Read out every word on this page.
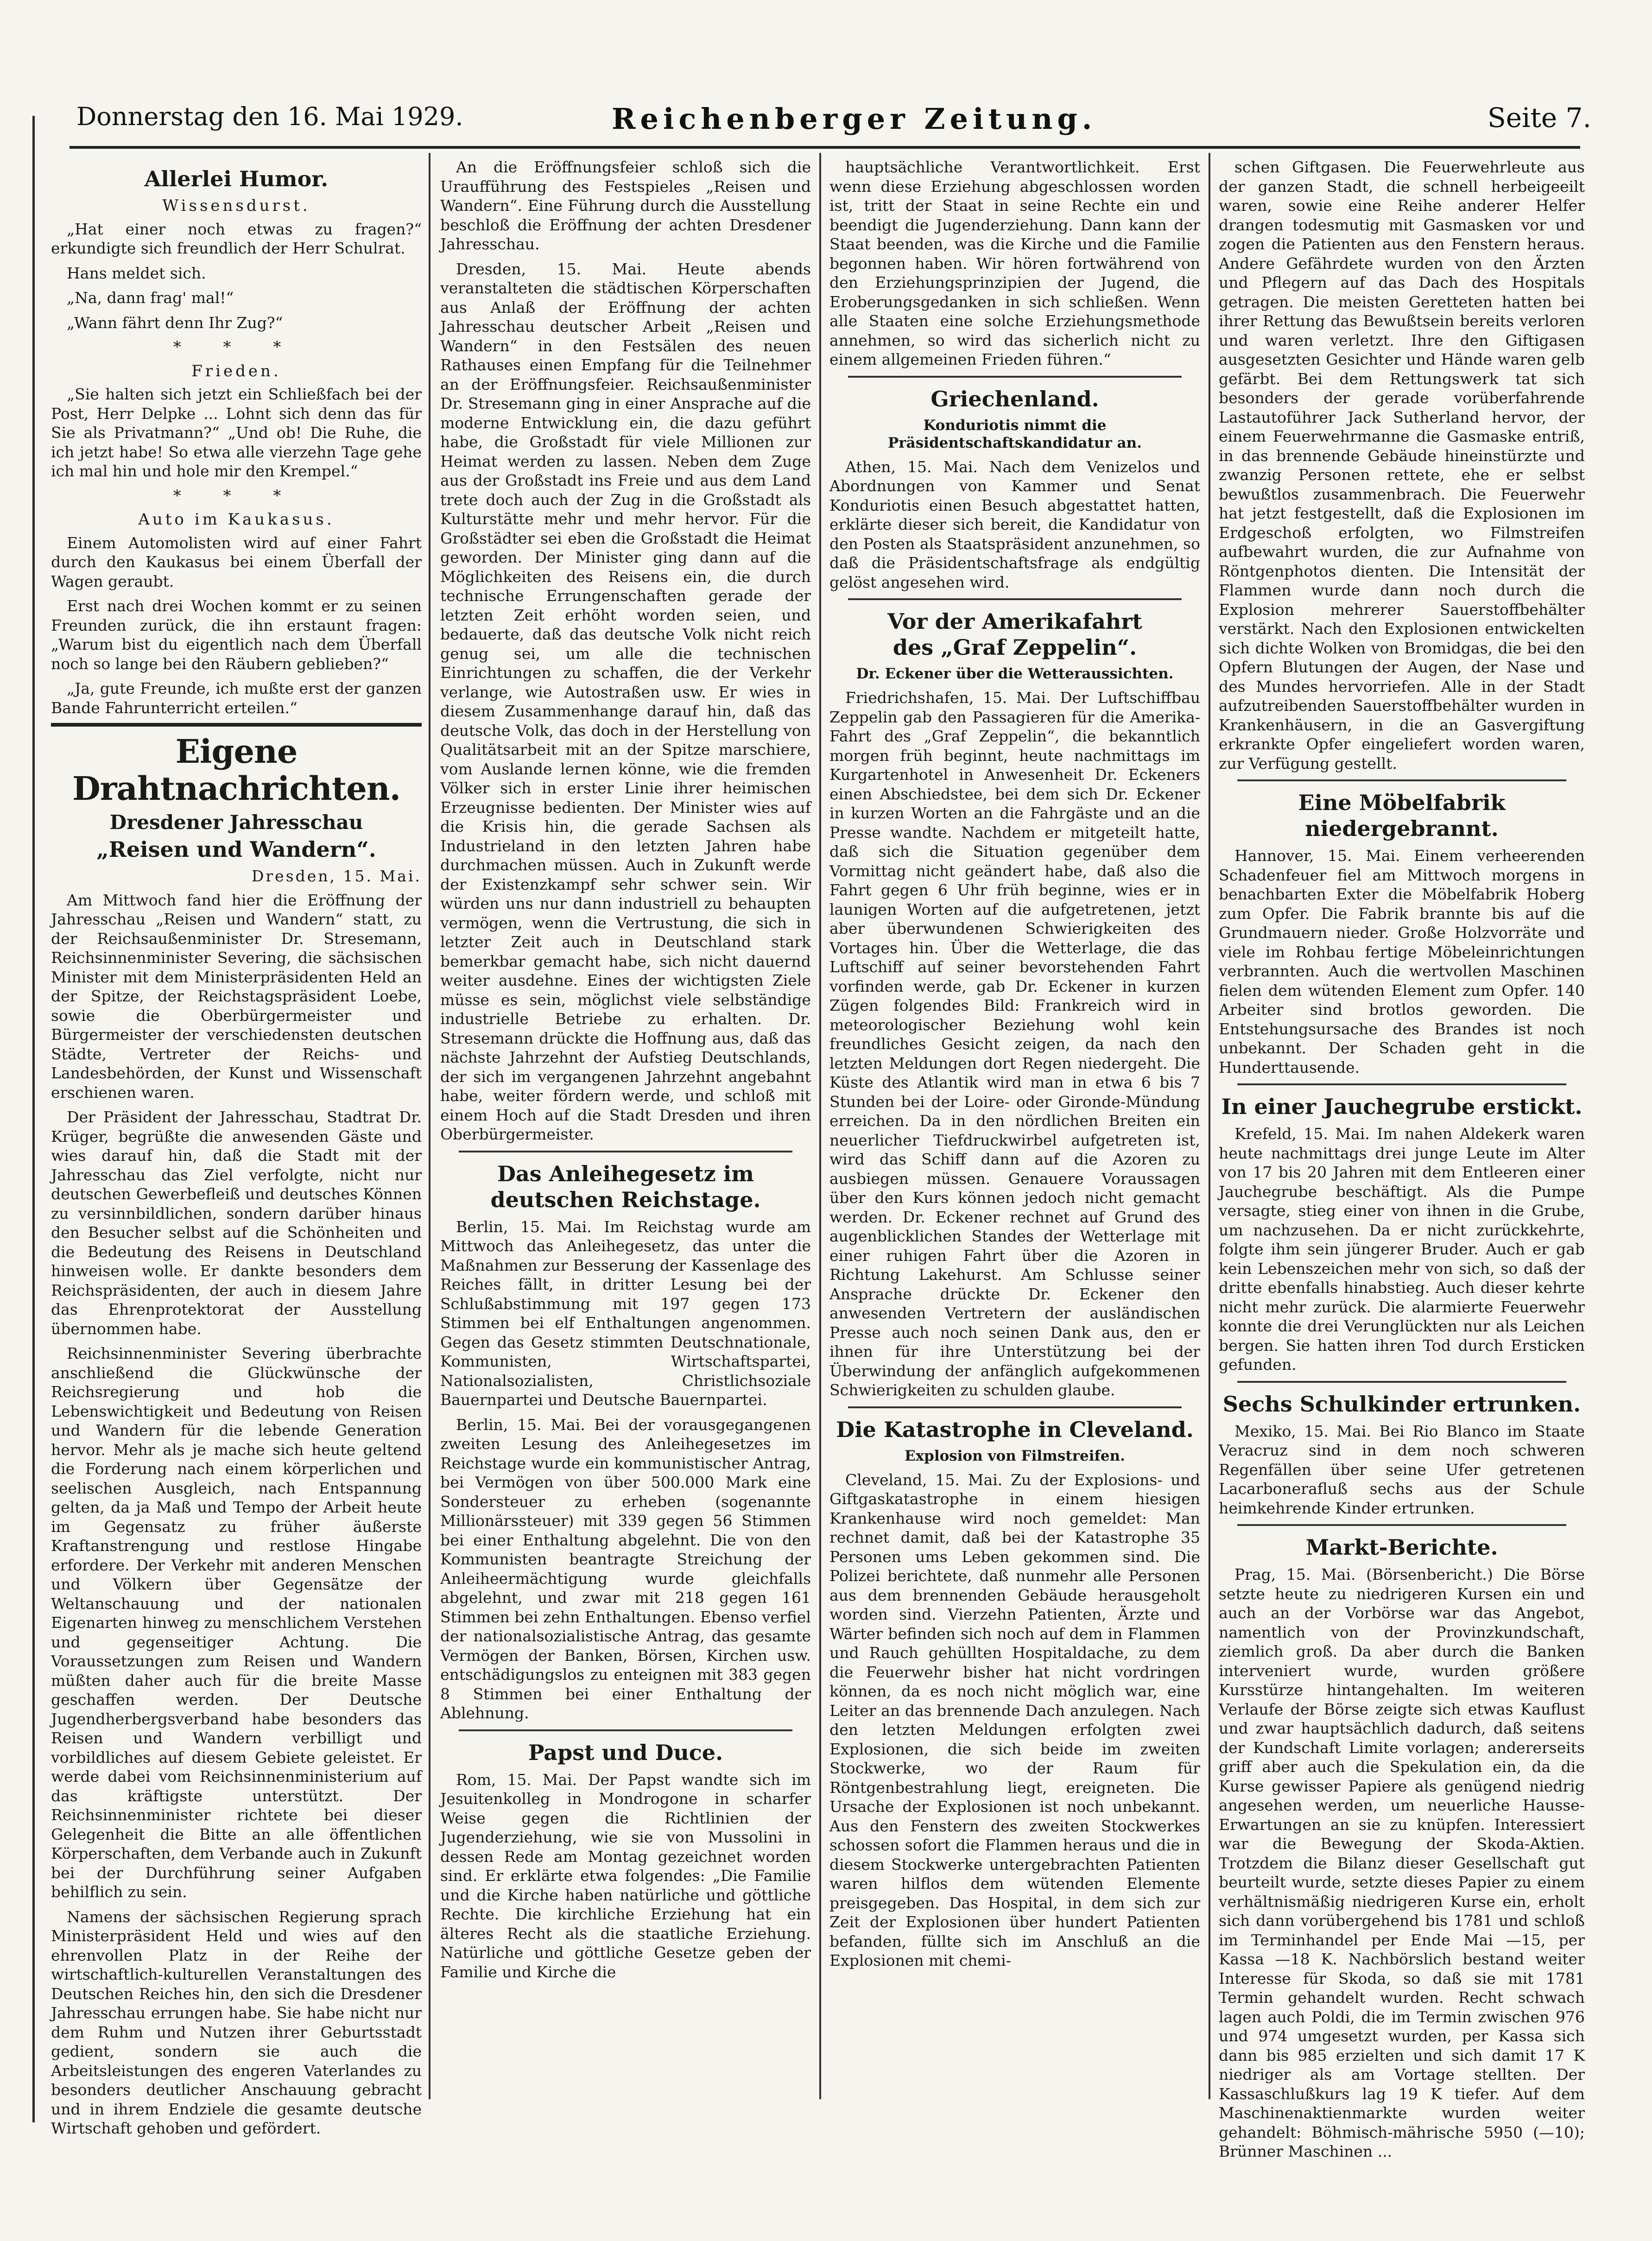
Donnerstag den 16. Mai 1929.	Reichenberger Zeitung.	Seite 7.
Allerlei Humor.
Wissensdurst.

„Hat einer noch etwas zu fragen?“ erkundigte sich freundlich der Herr Schulrat.

Hans meldet sich.

„Na, dann frag' mal!“

„Wann fährt denn Ihr Zug?“

* * *
Frieden.

„Sie halten sich jetzt ein Schließfach bei der Post, Herr Delpke ... Lohnt sich denn das für Sie als Privatmann?“ „Und ob! Die Ruhe, die ich jetzt habe! So etwa alle vierzehn Tage gehe ich mal hin und hole mir den Krempel.“

* * *
Auto im Kaukasus.

Einem Automolisten wird auf einer Fahrt durch den Kaukasus bei einem Überfall der Wagen geraubt.

Erst nach drei Wochen kommt er zu seinen Freunden zurück, die ihn erstaunt fragen: „Warum bist du eigentlich nach dem Überfall noch so lange bei den Räubern geblieben?“

„Ja, gute Freunde, ich mußte erst der ganzen Bande Fahrunterricht erteilen.“

Eigene Drahtnachrichten.
Dresdener Jahresschau
„Reisen und Wandern“.
Dresden, 15. Mai.

Am Mittwoch fand hier die Eröffnung der Jahresschau „Reisen und Wandern“ statt, zu der Reichsaußenminister Dr. Stresemann, Reichsinnenminister Severing, die sächsischen Minister mit dem Ministerpräsidenten Held an der Spitze, der Reichstagspräsident Loebe, sowie die Oberbürgermeister und Bürgermeister der verschiedensten deutschen Städte, Vertreter der Reichs- und Landesbehörden, der Kunst und Wissenschaft erschienen waren.

Der Präsident der Jahresschau, Stadtrat Dr. Krüger, begrüßte die anwesenden Gäste und wies darauf hin, daß die Stadt mit der Jahresschau das Ziel verfolgte, nicht nur deutschen Gewerbefleiß und deutsches Können zu versinnbildlichen, sondern darüber hinaus den Besucher selbst auf die Schönheiten und die Bedeutung des Reisens in Deutschland hinweisen wolle. Er dankte besonders dem Reichspräsidenten, der auch in diesem Jahre das Ehrenprotektorat der Ausstellung übernommen habe.

Reichsinnenminister Severing überbrachte anschließend die Glückwünsche der Reichsregierung und hob die Lebenswichtigkeit und Bedeutung von Reisen und Wandern für die lebende Generation hervor. Mehr als je mache sich heute geltend die Forderung nach einem körperlichen und seelischen Ausgleich, nach Entspannung gelten, da ja Maß und Tempo der Arbeit heute im Gegensatz zu früher äußerste Kraftanstrengung und restlose Hingabe erfordere. Der Verkehr mit anderen Menschen und Völkern über Gegensätze der Weltanschauung und der nationalen Eigenarten hinweg zu menschlichem Verstehen und gegenseitiger Achtung. Die Voraussetzungen zum Reisen und Wandern müßten daher auch für die breite Masse geschaffen werden. Der Deutsche Jugendherbergsverband habe besonders das Reisen und Wandern verbilligt und vorbildliches auf diesem Gebiete geleistet. Er werde dabei vom Reichsinnenministerium auf das kräftigste unterstützt. Der Reichsinnenminister richtete bei dieser Gelegenheit die Bitte an alle öffentlichen Körperschaften, dem Verbande auch in Zukunft bei der Durchführung seiner Aufgaben behilflich zu sein.

Namens der sächsischen Regierung sprach Ministerpräsident Held und wies auf den ehrenvollen Platz in der Reihe der wirtschaftlich-kulturellen Veranstaltungen des Deutschen Reiches hin, den sich die Dresdener Jahresschau errungen habe. Sie habe nicht nur dem Ruhm und Nutzen ihrer Geburtsstadt gedient, sondern sie auch die Arbeitsleistungen des engeren Vaterlandes zu besonders deutlicher Anschauung gebracht und in ihrem Endziele die gesamte deutsche Wirtschaft gehoben und gefördert.

An die Eröffnungsfeier schloß sich die Uraufführung des Festspieles „Reisen und Wandern“. Eine Führung durch die Ausstellung beschloß die Eröffnung der achten Dresdener Jahresschau.

Dresden, 15. Mai. Heute abends veranstalteten die städtischen Körperschaften aus Anlaß der Eröffnung der achten Jahresschau deutscher Arbeit „Reisen und Wandern“ in den Festsälen des neuen Rathauses einen Empfang für die Teilnehmer an der Eröffnungsfeier. Reichsaußenminister Dr. Stresemann ging in einer Ansprache auf die moderne Entwicklung ein, die dazu geführt habe, die Großstadt für viele Millionen zur Heimat werden zu lassen. Neben dem Zuge aus der Großstadt ins Freie und aus dem Land trete doch auch der Zug in die Großstadt als Kulturstätte mehr und mehr hervor. Für die Großstädter sei eben die Großstadt die Heimat geworden. Der Minister ging dann auf die Möglichkeiten des Reisens ein, die durch technische Errungenschaften gerade der letzten Zeit erhöht worden seien, und bedauerte, daß das deutsche Volk nicht reich genug sei, um alle die technischen Einrichtungen zu schaffen, die der Verkehr verlange, wie Autostraßen usw. Er wies in diesem Zusammenhange darauf hin, daß das deutsche Volk, das doch in der Herstellung von Qualitätsarbeit mit an der Spitze marschiere, vom Auslande lernen könne, wie die fremden Völker sich in erster Linie ihrer heimischen Erzeugnisse bedienten. Der Minister wies auf die Krisis hin, die gerade Sachsen als Industrieland in den letzten Jahren habe durchmachen müssen. Auch in Zukunft werde der Existenzkampf sehr schwer sein. Wir würden uns nur dann industriell zu behaupten vermögen, wenn die Vertrustung, die sich in letzter Zeit auch in Deutschland stark bemerkbar gemacht habe, sich nicht dauernd weiter ausdehne. Eines der wichtigsten Ziele müsse es sein, möglichst viele selbständige industrielle Betriebe zu erhalten. Dr. Stresemann drückte die Hoffnung aus, daß das nächste Jahrzehnt der Aufstieg Deutschlands, der sich im vergangenen Jahrzehnt angebahnt habe, weiter fördern werde, und schloß mit einem Hoch auf die Stadt Dresden und ihren Oberbürgermeister.

Das Anleihegesetz im deutschen Reichstage.

Berlin, 15. Mai. Im Reichstag wurde am Mittwoch das Anleihegesetz, das unter die Maßnahmen zur Besserung der Kassenlage des Reiches fällt, in dritter Lesung bei der Schlußabstimmung mit 197 gegen 173 Stimmen bei elf Enthaltungen angenommen. Gegen das Gesetz stimmten Deutschnationale, Kommunisten, Wirtschaftspartei, Nationalsozialisten, Christlichsoziale Bauernpartei und Deutsche Bauernpartei.

Berlin, 15. Mai. Bei der vorausgegangenen zweiten Lesung des Anleihegesetzes im Reichstage wurde ein kommunistischer Antrag, bei Vermögen von über 500.000 Mark eine Sondersteuer zu erheben (sogenannte Millionärssteuer) mit 339 gegen 56 Stimmen bei einer Enthaltung abgelehnt. Die von den Kommunisten beantragte Streichung der Anleiheermächtigung wurde gleichfalls abgelehnt, und zwar mit 218 gegen 161 Stimmen bei zehn Enthaltungen. Ebenso verfiel der nationalsozialistische Antrag, das gesamte Vermögen der Banken, Börsen, Kirchen usw. entschädigungslos zu enteignen mit 383 gegen 8 Stimmen bei einer Enthaltung der Ablehnung.

Papst und Duce.

Rom, 15. Mai. Der Papst wandte sich im Jesuitenkolleg in Mondrogone in scharfer Weise gegen die Richtlinien der Jugenderziehung, wie sie von Mussolini in dessen Rede am Montag gezeichnet worden sind. Er erklärte etwa folgendes: „Die Familie und die Kirche haben natürliche und göttliche Rechte. Die kirchliche Erziehung hat ein älteres Recht als die staatliche Erziehung. Natürliche und göttliche Gesetze geben der Familie und Kirche die

hauptsächliche Verantwortlichkeit. Erst wenn diese Erziehung abgeschlossen worden ist, tritt der Staat in seine Rechte ein und beendigt die Jugenderziehung. Dann kann der Staat beenden, was die Kirche und die Familie begonnen haben. Wir hören fortwährend von den Erziehungsprinzipien der Jugend, die Eroberungsgedanken in sich schließen. Wenn alle Staaten eine solche Erziehungsmethode annehmen, so wird das sicherlich nicht zu einem allgemeinen Frieden führen.“

Griechenland.
Konduriotis nimmt die Präsidentschaftskandidatur an.

Athen, 15. Mai. Nach dem Venizelos und Abordnungen von Kammer und Senat Konduriotis einen Besuch abgestattet hatten, erklärte dieser sich bereit, die Kandidatur von den Posten als Staatspräsident anzunehmen, so daß die Präsidentschaftsfrage als endgültig gelöst angesehen wird.

Vor der Amerikafahrt
des „Graf Zeppelin“.
Dr. Eckener über die Wetteraussichten.

Friedrichshafen, 15. Mai. Der Luftschiffbau Zeppelin gab den Passagieren für die Amerika-Fahrt des „Graf Zeppelin“, die bekanntlich morgen früh beginnt, heute nachmittags im Kurgartenhotel in Anwesenheit Dr. Eckeners einen Abschiedstee, bei dem sich Dr. Eckener in kurzen Worten an die Fahrgäste und an die Presse wandte. Nachdem er mitgeteilt hatte, daß sich die Situation gegenüber dem Vormittag nicht geändert habe, daß also die Fahrt gegen 6 Uhr früh beginne, wies er in launigen Worten auf die aufgetretenen, jetzt aber überwundenen Schwierigkeiten des Vortages hin. Über die Wetterlage, die das Luftschiff auf seiner bevorstehenden Fahrt vorfinden werde, gab Dr. Eckener in kurzen Zügen folgendes Bild: Frankreich wird in meteorologischer Beziehung wohl kein freundliches Gesicht zeigen, da nach den letzten Meldungen dort Regen niedergeht. Die Küste des Atlantik wird man in etwa 6 bis 7 Stunden bei der Loire- oder Gironde-Mündung erreichen. Da in den nördlichen Breiten ein neuerlicher Tiefdruckwirbel aufgetreten ist, wird das Schiff dann auf die Azoren zu ausbiegen müssen. Genauere Voraussagen über den Kurs können jedoch nicht gemacht werden. Dr. Eckener rechnet auf Grund des augenblicklichen Standes der Wetterlage mit einer ruhigen Fahrt über die Azoren in Richtung Lakehurst. Am Schlusse seiner Ansprache drückte Dr. Eckener den anwesenden Vertretern der ausländischen Presse auch noch seinen Dank aus, den er ihnen für ihre Unterstützung bei der Überwindung der anfänglich aufgekommenen Schwierigkeiten zu schulden glaube.

Die Katastrophe in Cleveland.
Explosion von Filmstreifen.

Cleveland, 15. Mai. Zu der Explosions- und Giftgaskatastrophe in einem hiesigen Krankenhause wird noch gemeldet: Man rechnet damit, daß bei der Katastrophe 35 Personen ums Leben gekommen sind. Die Polizei berichtete, daß nunmehr alle Personen aus dem brennenden Gebäude herausgeholt worden sind. Vierzehn Patienten, Ärzte und Wärter befinden sich noch auf dem in Flammen und Rauch gehüllten Hospitaldache, zu dem die Feuerwehr bisher hat nicht vordringen können, da es noch nicht möglich war, eine Leiter an das brennende Dach anzulegen. Nach den letzten Meldungen erfolgten zwei Explosionen, die sich beide im zweiten Stockwerke, wo der Raum für Röntgenbestrahlung liegt, ereigneten. Die Ursache der Explosionen ist noch unbekannt. Aus den Fenstern des zweiten Stockwerkes schossen sofort die Flammen heraus und die in diesem Stockwerke untergebrachten Patienten waren hilflos dem wütenden Elemente preisgegeben. Das Hospital, in dem sich zur Zeit der Explosionen über hundert Patienten befanden, füllte sich im Anschluß an die Explosionen mit chemi-

schen Giftgasen. Die Feuerwehrleute aus der ganzen Stadt, die schnell herbeigeeilt waren, sowie eine Reihe anderer Helfer drangen todesmutig mit Gasmasken vor und zogen die Patienten aus den Fenstern heraus. Andere Gefährdete wurden von den Ärzten und Pflegern auf das Dach des Hospitals getragen. Die meisten Geretteten hatten bei ihrer Rettung das Bewußtsein bereits verloren und waren verletzt. Ihre den Giftigasen ausgesetzten Gesichter und Hände waren gelb gefärbt. Bei dem Rettungswerk tat sich besonders der gerade vorüberfahrende Lastautoführer Jack Sutherland hervor, der einem Feuerwehrmanne die Gasmaske entriß, in das brennende Gebäude hineinstürzte und zwanzig Personen rettete, ehe er selbst bewußtlos zusammenbrach. Die Feuerwehr hat jetzt festgestellt, daß die Explosionen im Erdgeschoß erfolgten, wo Filmstreifen aufbewahrt wurden, die zur Aufnahme von Röntgenphotos dienten. Die Intensität der Flammen wurde dann noch durch die Explosion mehrerer Sauerstoffbehälter verstärkt. Nach den Explosionen entwickelten sich dichte Wolken von Bromidgas, die bei den Opfern Blutungen der Augen, der Nase und des Mundes hervorriefen. Alle in der Stadt aufzutreibenden Sauerstoffbehälter wurden in Krankenhäusern, in die an Gasvergiftung erkrankte Opfer eingeliefert worden waren, zur Verfügung gestellt.

Eine Möbelfabrik niedergebrannt.

Hannover, 15. Mai. Einem verheerenden Schadenfeuer fiel am Mittwoch morgens in benachbarten Exter die Möbelfabrik Hoberg zum Opfer. Die Fabrik brannte bis auf die Grundmauern nieder. Große Holzvorräte und viele im Rohbau fertige Möbeleinrichtungen verbrannten. Auch die wertvollen Maschinen fielen dem wütenden Element zum Opfer. 140 Arbeiter sind brotlos geworden. Die Entstehungsursache des Brandes ist noch unbekannt. Der Schaden geht in die Hunderttausende.

In einer Jauchegrube erstickt.

Krefeld, 15. Mai. Im nahen Aldekerk waren heute nachmittags drei junge Leute im Alter von 17 bis 20 Jahren mit dem Entleeren einer Jauchegrube beschäftigt. Als die Pumpe versagte, stieg einer von ihnen in die Grube, um nachzusehen. Da er nicht zurückkehrte, folgte ihm sein jüngerer Bruder. Auch er gab kein Lebenszeichen mehr von sich, so daß der dritte ebenfalls hinabstieg. Auch dieser kehrte nicht mehr zurück. Die alarmierte Feuerwehr konnte die drei Verunglückten nur als Leichen bergen. Sie hatten ihren Tod durch Ersticken gefunden.

Sechs Schulkinder ertrunken.

Mexiko, 15. Mai. Bei Rio Blanco im Staate Veracruz sind in dem noch schweren Regenfällen über seine Ufer getretenen Lacarbonerafluß sechs aus der Schule heimkehrende Kinder ertrunken.

Markt-Berichte.

Prag, 15. Mai. (Börsenbericht.) Die Börse setzte heute zu niedrigeren Kursen ein und auch an der Vorbörse war das Angebot, namentlich von der Provinzkundschaft, ziemlich groß. Da aber durch die Banken interveniert wurde, wurden größere Kursstürze hintangehalten. Im weiteren Verlaufe der Börse zeigte sich etwas Kauflust und zwar hauptsächlich dadurch, daß seitens der Kundschaft Limite vorlagen; andererseits griff aber auch die Spekulation ein, da die Kurse gewisser Papiere als genügend niedrig angesehen werden, um neuerliche Hausse-Erwartungen an sie zu knüpfen. Interessiert war die Bewegung der Skoda-Aktien. Trotzdem die Bilanz dieser Gesellschaft gut beurteilt wurde, setzte dieses Papier zu einem verhältnismäßig niedrigeren Kurse ein, erholt sich dann vorübergehend bis 1781 und schloß im Terminhandel per Ende Mai —15, per Kassa —18 K. Nachbörslich bestand weiter Interesse für Skoda, so daß sie mit 1781 Termin gehandelt wurden. Recht schwach lagen auch Poldi, die im Termin zwischen 976 und 974 umgesetzt wurden, per Kassa sich dann bis 985 erzielten und sich damit 17 K niedriger als am Vortage stellten. Der Kassaschlußkurs lag 19 K tiefer. Auf dem Maschinenaktienmarkte wurden weiter gehandelt: Böhmisch-mährische 5950 (—10); Brünner Maschinen ...
